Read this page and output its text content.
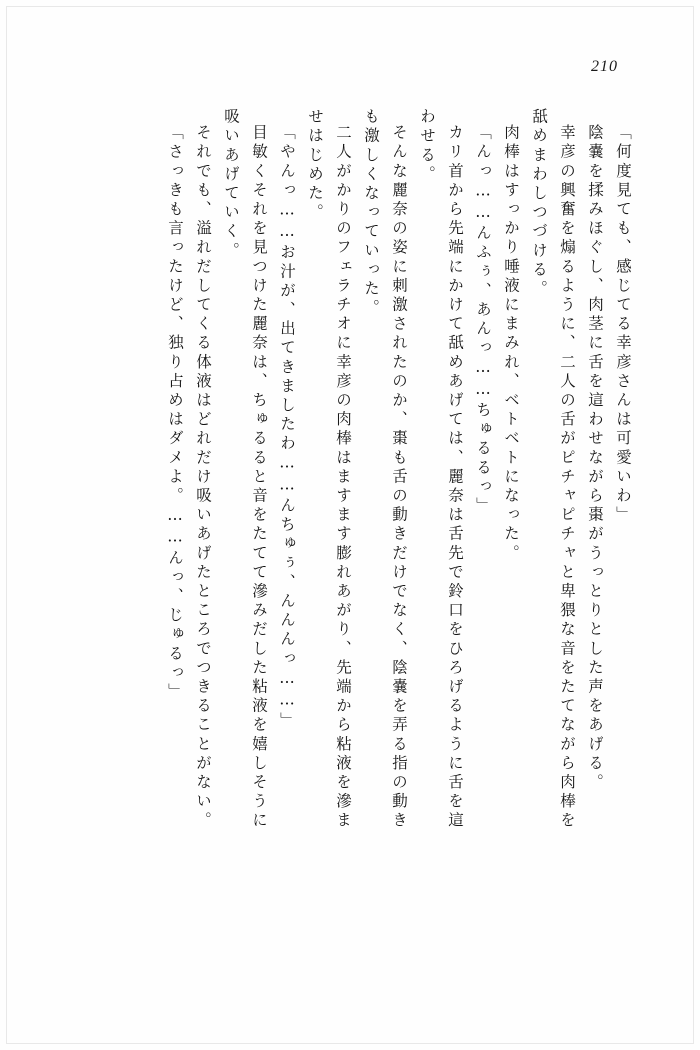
210
「何度見ても、感じてる幸彦さんは可愛いわ」
陰嚢を揉みほぐし、肉茎に舌を這わせながら棗がうっとりとした声をあげる。
幸彦の興奮を煽るように、二人の舌がピチャピチャと卑猥な音をたてながら肉棒を
舐めまわしつづける。
肉棒はすっかり唾液にまみれ、ベトベトになった。
「んっ……んふぅ、あんっ……ちゅるるっ」
カリ首から先端にかけて舐めあげては、麗奈は舌先で鈴口をひろげるように舌を這
わせる。
そんな麗奈の姿に刺激されたのか、棗も舌の動きだけでなく、陰嚢を弄る指の動き
も激しくなっていった。
二人がかりのフェラチオに幸彦の肉棒はますます膨れあがり、先端から粘液を滲ま
せはじめた。
「やんっ……お汁が、出てきましたわ……んちゅぅ、んんんっ……」
目敏くそれを見つけた麗奈は、ちゅるると音をたてて滲みだした粘液を嬉しそうに
吸いあげていく。
それでも、溢れだしてくる体液はどれだけ吸いあげたところでつきることがない。
「さっきも言ったけど、独り占めはダメよ。……んっ、じゅるっ」
